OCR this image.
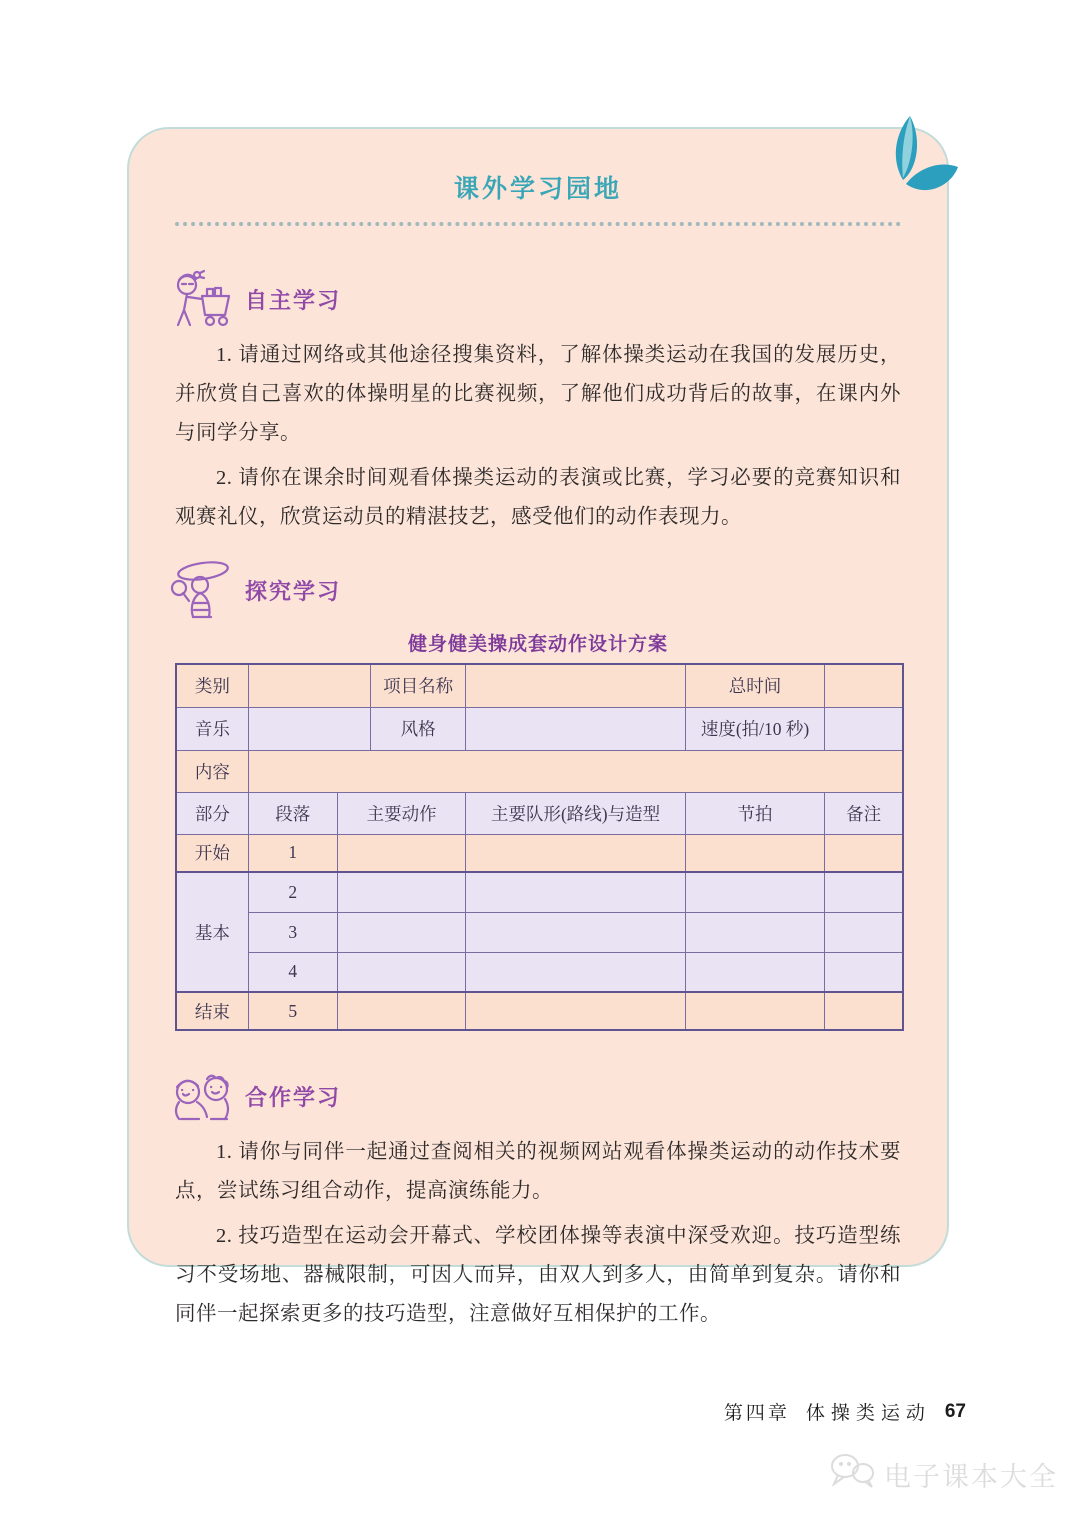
课外学习园地
自主学习

1. 请通过网络或其他途径搜集资料，了解体操类运动在我国的发展历史，并欣赏自己喜欢的体操明星的比赛视频，了解他们成功背后的故事，在课内外与同学分享。

2. 请你在课余时间观看体操类运动的表演或比赛，学习必要的竞赛知识和观赛礼仪，欣赏运动员的精湛技艺，感受他们的动作表现力。

探究学习
健身健美操成套动作设计方案
类别			项目名称		总时间	
音乐			风格		速度(拍/10 秒)	
内容						
部分	段落	主要动作		主要队形(路线)与造型	节拍	备注
开始	1					
基本	2					
	3					
	4					
结束	5					
合作学习

1. 请你与同伴一起通过查阅相关的视频网站观看体操类运动的动作技术要点，尝试练习组合动作，提高演练能力。

2. 技巧造型在运动会开幕式、学校团体操等表演中深受欢迎。技巧造型练习不受场地、器械限制，可因人而异，由双人到多人，由简单到复杂。请你和同伴一起探索更多的技巧造型，注意做好互相保护的工作。

第四章 体操类运动 67
电子课本大全
